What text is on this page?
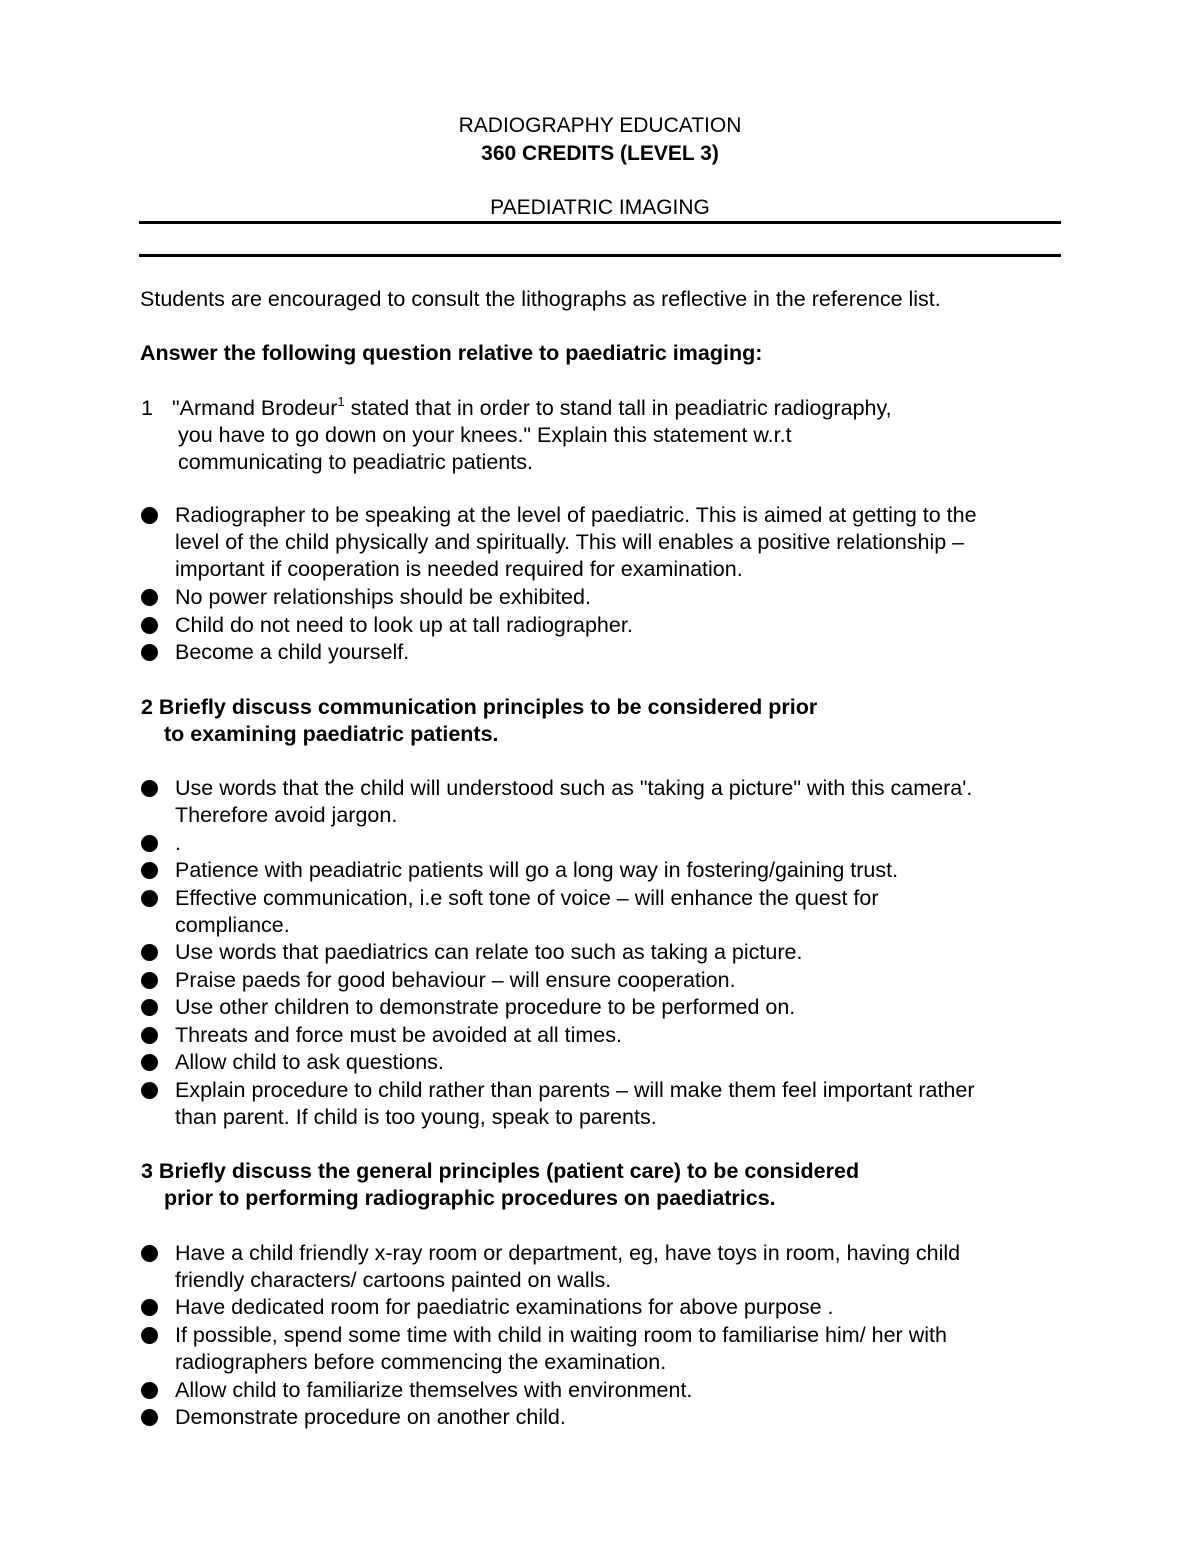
RADIOGRAPHY EDUCATION
360 CREDITS (LEVEL 3)
PAEDIATRIC IMAGING
Students are encouraged to consult the lithographs as reflective in the reference list.
Answer the following question relative to paediatric imaging:
1 "Armand Brodeur$^1$ stated that in order to stand tall in peadiatric radiography,
you have to go down on your knees." Explain this statement w.r.t
communicating to peadiatric patients.
Radiographer to be speaking at the level of paediatric. This is aimed at getting to the
level of the child physically and spiritually. This will enables a positive relationship –
important if cooperation is needed required for examination.
No power relationships should be exhibited.
Child do not need to look up at tall radiographer.
Become a child yourself.
2 Briefly discuss communication principles to be considered prior
to examining paediatric patients.
Use words that the child will understood such as "taking a picture" with this camera'.
Therefore avoid jargon.
.
Patience with peadiatric patients will go a long way in fostering/gaining trust.
Effective communication, i.e soft tone of voice – will enhance the quest for
compliance.
Use words that paediatrics can relate too such as taking a picture.
Praise paeds for good behaviour – will ensure cooperation.
Use other children to demonstrate procedure to be performed on.
Threats and force must be avoided at all times.
Allow child to ask questions.
Explain procedure to child rather than parents – will make them feel important rather
than parent. If child is too young, speak to parents.
3 Briefly discuss the general principles (patient care) to be considered
prior to performing radiographic procedures on paediatrics.
Have a child friendly x-ray room or department, eg, have toys in room, having child
friendly characters/ cartoons painted on walls.
Have dedicated room for paediatric examinations for above purpose .
If possible, spend some time with child in waiting room to familiarise him/ her with
radiographers before commencing the examination.
Allow child to familiarize themselves with environment.
Demonstrate procedure on another child.
